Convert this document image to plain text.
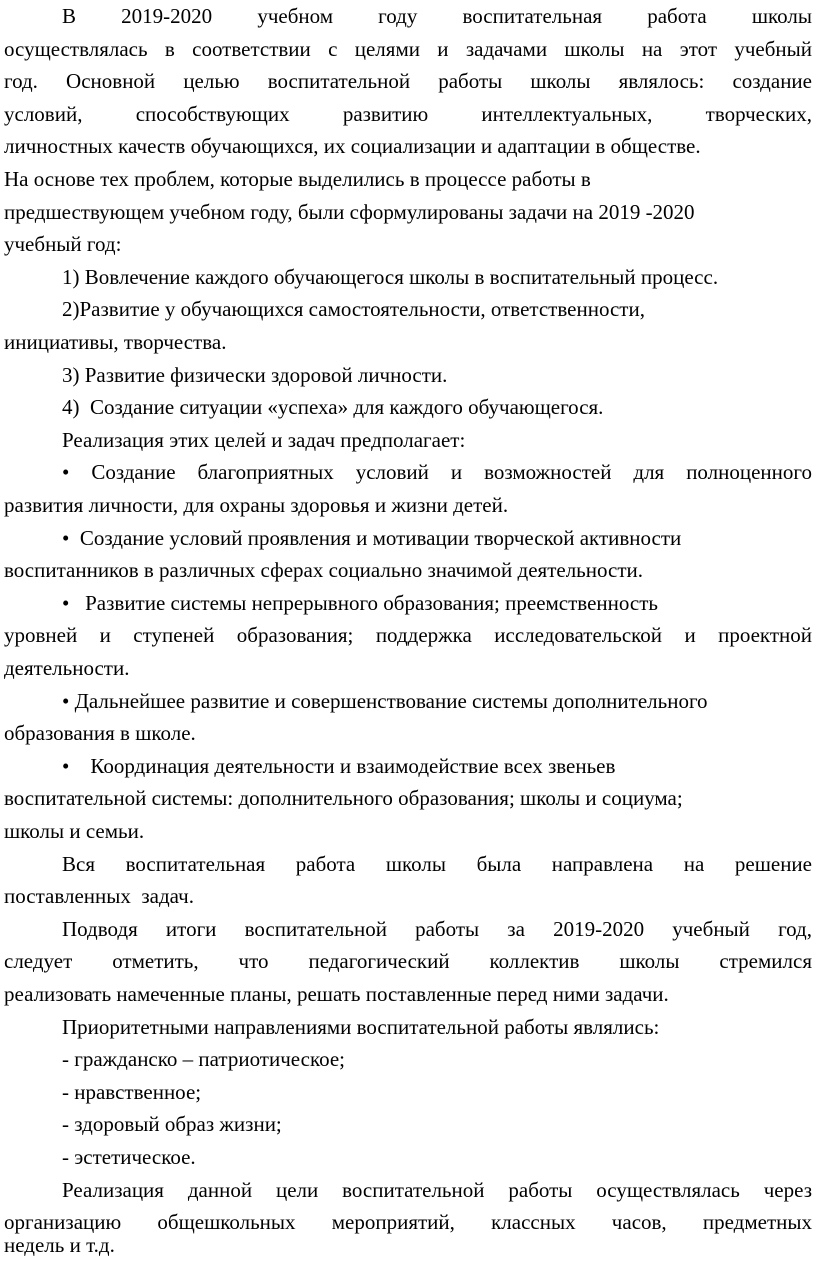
В 2019-2020 учебном году воспитательная работа школы
осуществлялась в соответствии с целями и задачами школы на этот учебный
год. Основной целью воспитательной работы школы являлось: создание
условий, способствующих развитию интеллектуальных, творческих,
личностных качеств обучающихся, их социализации и адаптации в обществе.
На основе тех проблем, которые выделились в процессе работы в
предшествующем учебном году, были сформулированы задачи на 2019 -2020
учебный год:
1) Вовлечение каждого обучающегося школы в воспитательный процесс.
2)Развитие у обучающихся самостоятельности, ответственности,
инициативы, творчества.
3) Развитие физически здоровой личности.
4)  Создание ситуации «успеха» для каждого обучающегося.
Реализация этих целей и задач предполагает:
• Создание благоприятных условий и возможностей для полноценного
развития личности, для охраны здоровья и жизни детей.
•  Создание условий проявления и мотивации творческой активности
воспитанников в различных сферах социально значимой деятельности.
•   Развитие системы непрерывного образования; преемственность
уровней и ступеней образования; поддержка исследовательской и проектной
деятельности.
• Дальнейшее развитие и совершенствование системы дополнительного
образования в школе.
•    Координация деятельности и взаимодействие всех звеньев
воспитательной системы: дополнительного образования; школы и социума;
школы и семьи.
Вся воспитательная работа школы была направлена на решение
поставленных  задач.
Подводя итоги воспитательной работы за 2019-2020 учебный год,
следует отметить, что педагогический коллектив школы стремился
реализовать намеченные планы, решать поставленные перед ними задачи.
Приоритетными направлениями воспитательной работы являлись:
- гражданско – патриотическое;
- нравственное;
- здоровый образ жизни;
- эстетическое.
Реализация данной цели воспитательной работы осуществлялась через
организацию общешкольных мероприятий, классных часов, предметных
недель и т.д.
